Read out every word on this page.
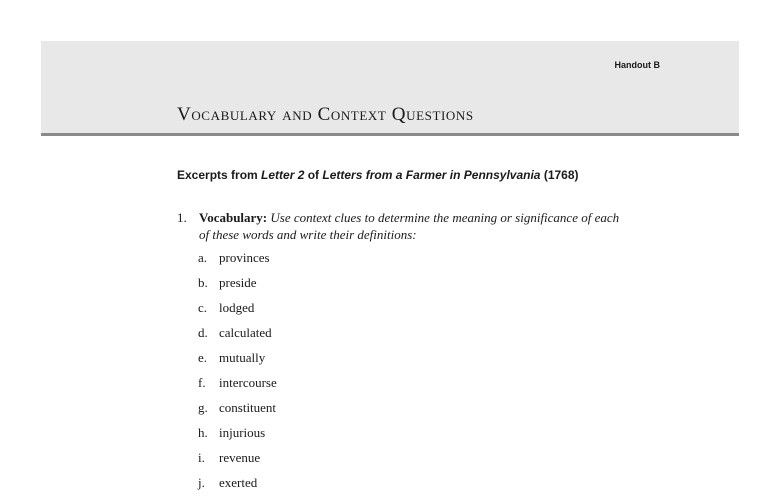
Handout B
Vocabulary and Context Questions
Excerpts from Letter 2 of Letters from a Farmer in Pennsylvania (1768)
1. Vocabulary: Use context clues to determine the meaning or significance of each of these words and write their definitions:
a. provinces
b. preside
c. lodged
d. calculated
e. mutually
f. intercourse
g. constituent
h. injurious
i. revenue
j. exerted
